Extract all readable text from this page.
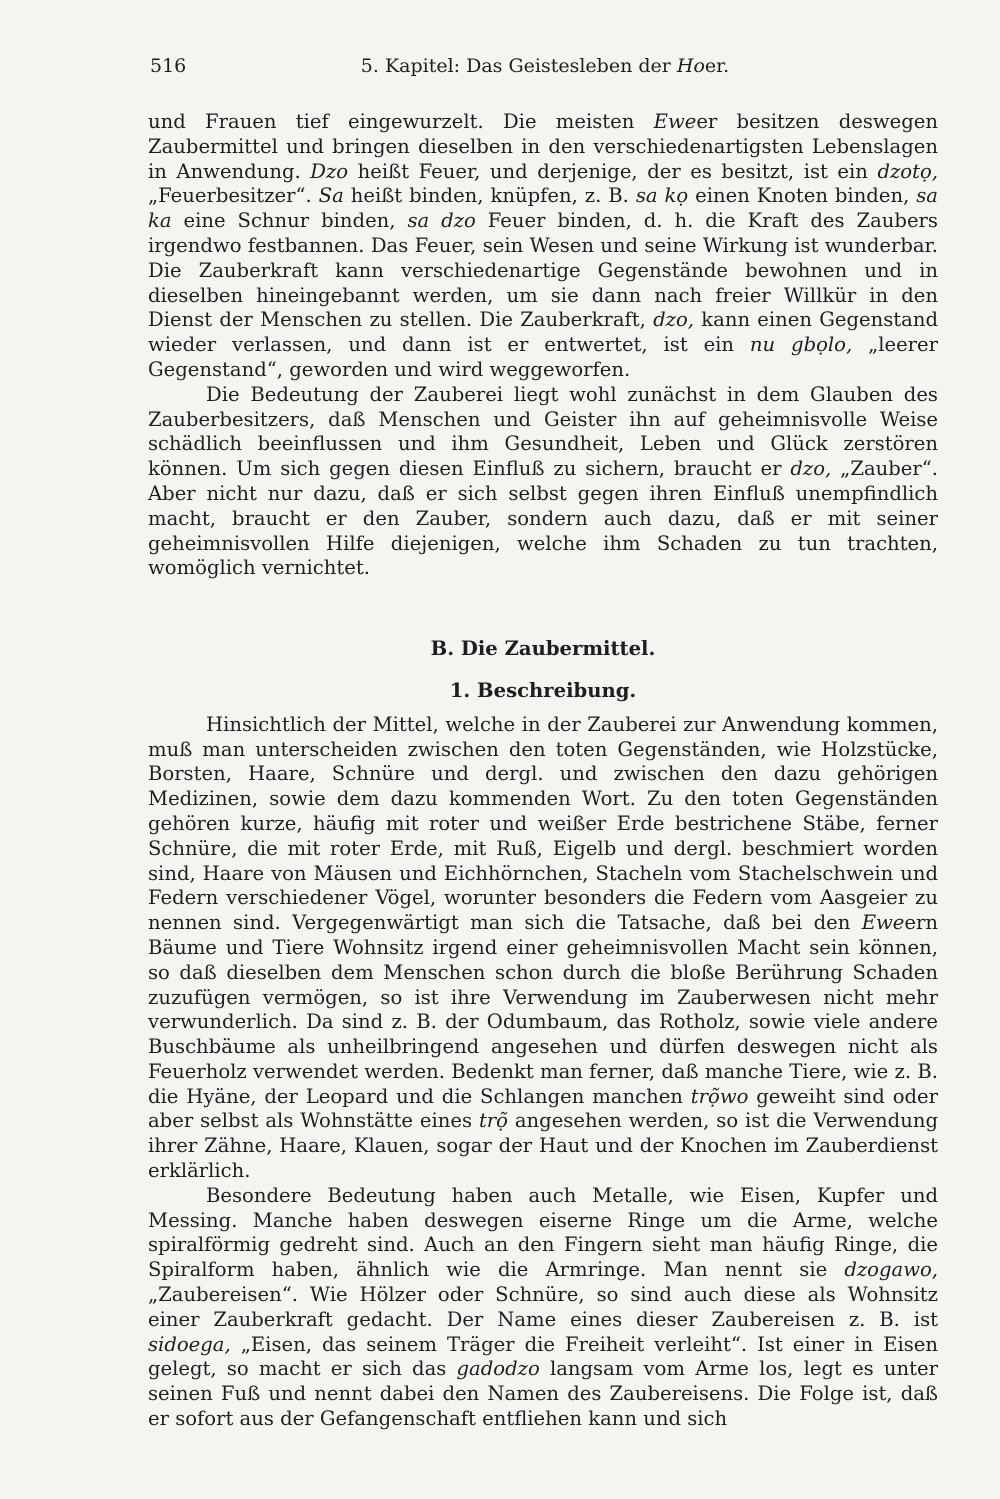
516	5. Kapitel: Das Geistesleben der Hoer.

und Frauen tief eingewurzelt. Die meisten Eweer besitzen deswegen Zaubermittel und bringen dieselben in den verschiedenartigsten Lebenslagen in Anwendung. Dzo heißt Feuer, und derjenige, der es besitzt, ist ein dzotọ, „Feuerbesitzer“. Sa heißt binden, knüpfen, z. B. sa kọ einen Knoten binden, sa ka eine Schnur binden, sa dzo Feuer binden, d. h. die Kraft des Zaubers irgendwo festbannen. Das Feuer, sein Wesen und seine Wirkung ist wunderbar. Die Zauberkraft kann verschiedenartige Gegenstände bewohnen und in dieselben hineingebannt werden, um sie dann nach freier Willkür in den Dienst der Menschen zu stellen. Die Zauberkraft, dzo, kann einen Gegenstand wieder verlassen, und dann ist er entwertet, ist ein nu gbọlo, „leerer Gegenstand“, geworden und wird weggeworfen.

Die Bedeutung der Zauberei liegt wohl zunächst in dem Glauben des Zauberbesitzers, daß Menschen und Geister ihn auf geheimnisvolle Weise schädlich beeinflussen und ihm Gesundheit, Leben und Glück zerstören können. Um sich gegen diesen Einfluß zu sichern, braucht er dzo, „Zauber“. Aber nicht nur dazu, daß er sich selbst gegen ihren Einfluß unempfindlich macht, braucht er den Zauber, sondern auch dazu, daß er mit seiner geheimnisvollen Hilfe diejenigen, welche ihm Schaden zu tun trachten, womöglich vernichtet.

B. Die Zaubermittel.
1. Beschreibung.

Hinsichtlich der Mittel, welche in der Zauberei zur Anwendung kommen, muß man unterscheiden zwischen den toten Gegenständen, wie Holzstücke, Borsten, Haare, Schnüre und dergl. und zwischen den dazu gehörigen Medizinen, sowie dem dazu kommenden Wort. Zu den toten Gegenständen gehören kurze, häufig mit roter und weißer Erde bestrichene Stäbe, ferner Schnüre, die mit roter Erde, mit Ruß, Eigelb und dergl. beschmiert worden sind, Haare von Mäusen und Eichhörnchen, Stacheln vom Stachelschwein und Federn verschiedener Vögel, worunter besonders die Federn vom Aasgeier zu nennen sind. Vergegenwärtigt man sich die Tatsache, daß bei den Eweern Bäume und Tiere Wohnsitz irgend einer geheimnisvollen Macht sein können, so daß dieselben dem Menschen schon durch die bloße Berührung Schaden zuzufügen vermögen, so ist ihre Verwendung im Zauberwesen nicht mehr verwunderlich. Da sind z. B. der Odumbaum, das Rotholz, sowie viele andere Buschbäume als unheilbringend angesehen und dürfen deswegen nicht als Feuerholz verwendet werden. Bedenkt man ferner, daß manche Tiere, wie z. B. die Hyäne, der Leopard und die Schlangen manchen trọ̃wo geweiht sind oder aber selbst als Wohnstätte eines trọ̃ angesehen werden, so ist die Verwendung ihrer Zähne, Haare, Klauen, sogar der Haut und der Knochen im Zauberdienst erklärlich.

Besondere Bedeutung haben auch Metalle, wie Eisen, Kupfer und Messing. Manche haben deswegen eiserne Ringe um die Arme, welche spiralförmig gedreht sind. Auch an den Fingern sieht man häufig Ringe, die Spiralform haben, ähnlich wie die Armringe. Man nennt sie dzogawo, „Zaubereisen“. Wie Hölzer oder Schnüre, so sind auch diese als Wohnsitz einer Zauberkraft gedacht. Der Name eines dieser Zaubereisen z. B. ist sidoega, „Eisen, das seinem Träger die Freiheit verleiht“. Ist einer in Eisen gelegt, so macht er sich das gadodzo langsam vom Arme los, legt es unter seinen Fuß und nennt dabei den Namen des Zaubereisens. Die Folge ist, daß er sofort aus der Gefangenschaft entfliehen kann und sich
